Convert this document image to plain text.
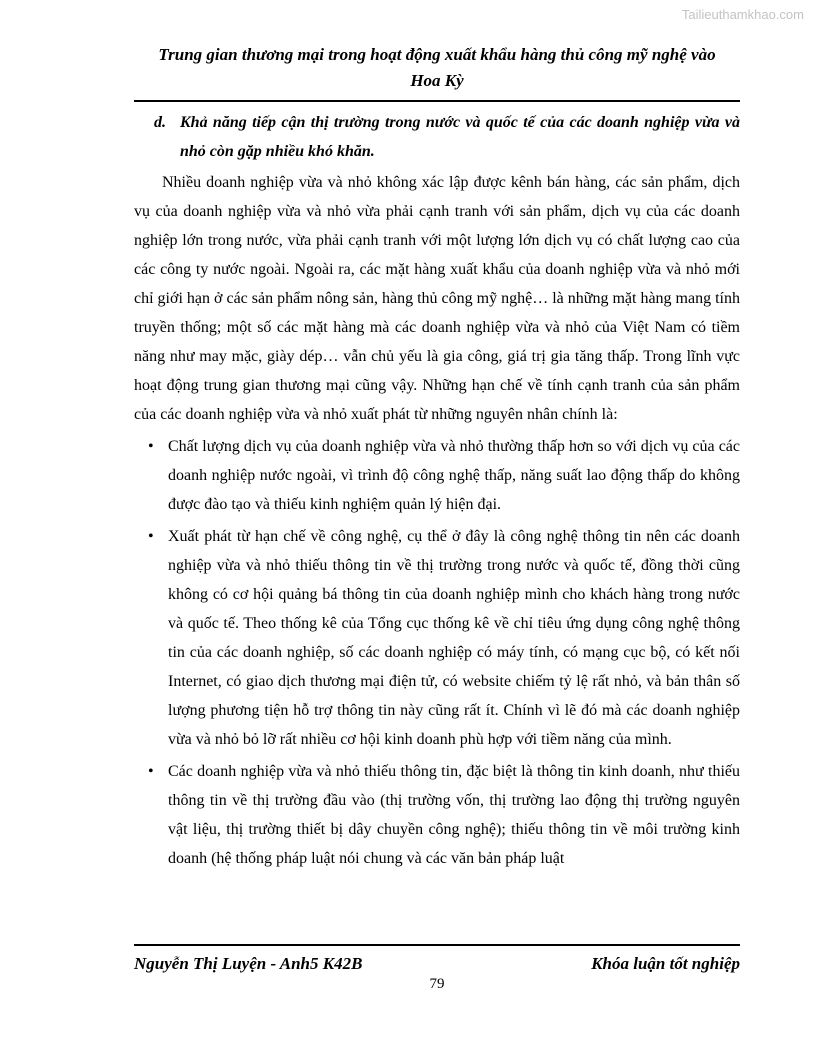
Tailieuthamkhao.com
Trung gian thương mại trong hoạt động xuất khẩu hàng thủ công mỹ nghệ vào
Hoa Kỳ
d. Khả năng tiếp cận thị trường trong nước và quốc tế của các doanh nghiệp vừa và nhỏ còn gặp nhiều khó khăn.

Nhiều doanh nghiệp vừa và nhỏ không xác lập được kênh bán hàng, các sản phẩm, dịch vụ của doanh nghiệp vừa và nhỏ vừa phải cạnh tranh với sản phẩm, dịch vụ của các doanh nghiệp lớn trong nước, vừa phải cạnh tranh với một lượng lớn dịch vụ có chất lượng cao của các công ty nước ngoài. Ngoài ra, các mặt hàng xuất khẩu của doanh nghiệp vừa và nhỏ mới chỉ giới hạn ở các sản phẩm nông sản, hàng thủ công mỹ nghệ… là những mặt hàng mang tính truyền thống; một số các mặt hàng mà các doanh nghiệp vừa và nhỏ của Việt Nam có tiềm năng như may mặc, giày dép… vẫn chủ yếu là gia công, giá trị gia tăng thấp. Trong lĩnh vực hoạt động trung gian thương mại cũng vậy. Những hạn chế về tính cạnh tranh của sản phẩm của các doanh nghiệp vừa và nhỏ xuất phát từ những nguyên nhân chính là:

• Chất lượng dịch vụ của doanh nghiệp vừa và nhỏ thường thấp hơn so với dịch vụ của các doanh nghiệp nước ngoài, vì trình độ công nghệ thấp, năng suất lao động thấp do không được đào tạo và thiếu kinh nghiệm quản lý hiện đại.
• Xuất phát từ hạn chế về công nghệ, cụ thể ở đây là công nghệ thông tin nên các doanh nghiệp vừa và nhỏ thiếu thông tin về thị trường trong nước và quốc tế, đồng thời cũng không có cơ hội quảng bá thông tin của doanh nghiệp mình cho khách hàng trong nước và quốc tế. Theo thống kê của Tổng cục thống kê về chỉ tiêu ứng dụng công nghệ thông tin của các doanh nghiệp, số các doanh nghiệp có máy tính, có mạng cục bộ, có kết nối Internet, có giao dịch thương mại điện tử, có website chiếm tỷ lệ rất nhỏ, và bản thân số lượng phương tiện hỗ trợ thông tin này cũng rất ít. Chính vì lẽ đó mà các doanh nghiệp vừa và nhỏ bỏ lỡ rất nhiều cơ hội kinh doanh phù hợp với tiềm năng của mình.
• Các doanh nghiệp vừa và nhỏ thiếu thông tin, đặc biệt là thông tin kinh doanh, như thiếu thông tin về thị trường đầu vào (thị trường vốn, thị trường lao động thị trường nguyên vật liệu, thị trường thiết bị dây chuyền công nghệ); thiếu thông tin về môi trường kinh doanh (hệ thống pháp luật nói chung và các văn bản pháp luật
Nguyễn Thị Luyện - Anh5 K42B	Khóa luận tốt nghiệp
79
